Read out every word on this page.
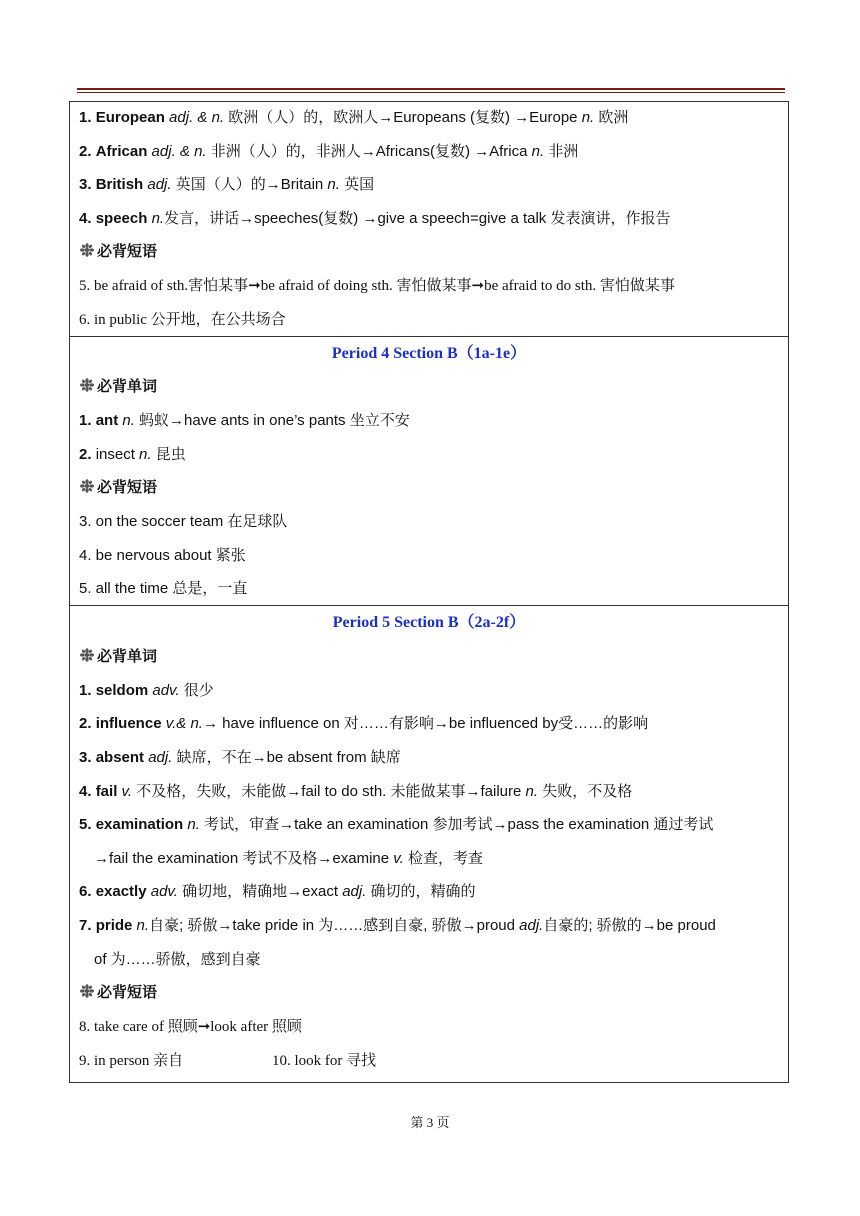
1. European adj. & n. 欧洲（人）的，欧洲人→Europeans (复数) →Europe n. 欧洲
2. African adj. & n. 非洲（人）的，非洲人→Africans(复数) →Africa n. 非洲
3. British adj. 英国（人）的→Britain n. 英国
4. speech n.发言，讲话→speeches(复数) →give a speech=give a talk 发表演讲，作报告
必背短语
5. be afraid of sth.害怕某事➞be afraid of doing sth. 害怕做某事➞be afraid to do sth. 害怕做某事
6. in public 公开地，在公共场合
Period 4 Section B（1a-1e）
必背单词
1. ant n. 蚂蚁→have ants in one’s pants 坐立不安
2. insect n. 昆虫
必背短语
3. on the soccer team 在足球队
4. be nervous about 紧张
5. all the time 总是，一直
Period 5 Section B（2a-2f）
必背单词
1. seldom adv. 很少
2. influence v.& n.→ have influence on 对……有影响→be influenced by受……的影响
3. absent adj. 缺席，不在→be absent from 缺席
4. fail v. 不及格，失败，未能做→fail to do sth. 未能做某事→failure n. 失败，不及格
5. examination n. 考试，审查→take an examination 参加考试→pass the examination 通过考试
→fail the examination 考试不及格→examine v. 检查，考查
6. exactly adv. 确切地，精确地→exact adj. 确切的，精确的
7. pride n.自豪; 骄傲→take pride in 为……感到自豪, 骄傲→proud adj.自豪的; 骄傲的→be proud
of 为……骄傲，感到自豪
必背短语
8. take care of 照顾➞look after 照顾
9. in person 亲自	10. look for 寻找
第 3 页
